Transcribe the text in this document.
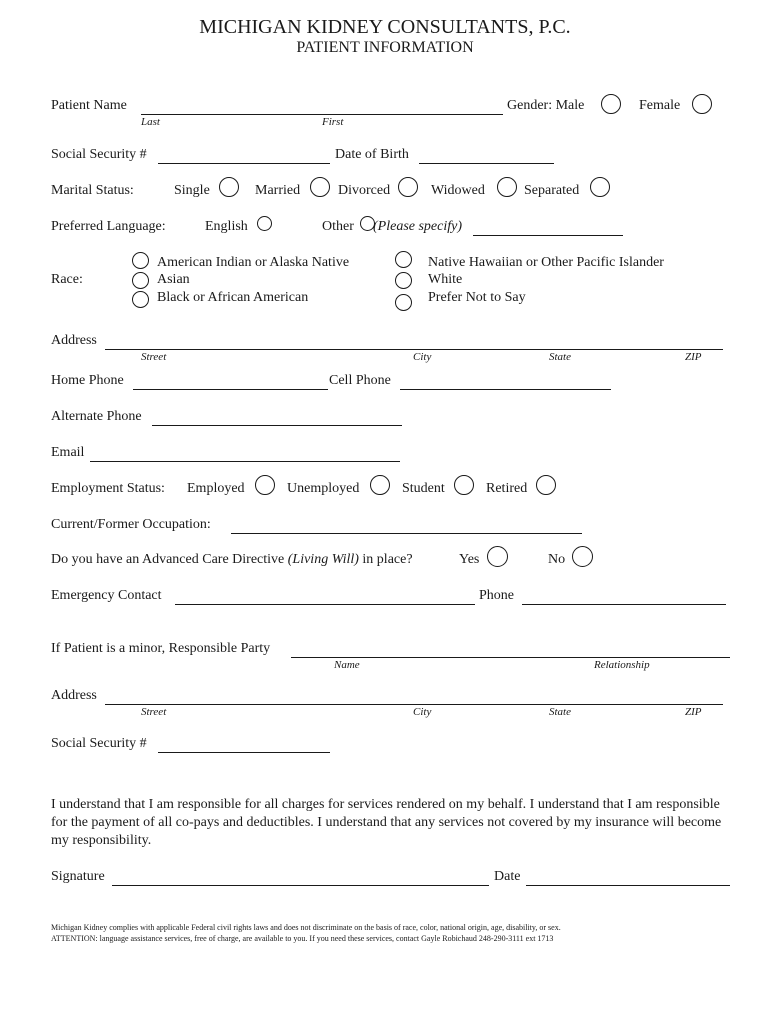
MICHIGAN KIDNEY CONSULTANTS, P.C.
PATIENT INFORMATION
Patient Name
Last	First
Gender: Male	Female
Social Security #	Date of Birth
Marital Status:	Single	Married	Divorced	Widowed	Separated
Preferred Language:	English	Other (Please specify)
Race:
American Indian or Alaska Native
Asian
Black or African American
Native Hawaiian or Other Pacific Islander
White
Prefer Not to Say
Address
Street	City	State	ZIP
Home Phone	Cell Phone
Alternate Phone
Email
Employment Status: Employed	Unemployed	Student	Retired
Current/Former Occupation:
Do you have an Advanced Care Directive (Living Will) in place?	Yes	No
Emergency Contact	Phone
If Patient is a minor, Responsible Party
Name	Relationship
Address
Street	City	State	ZIP
Social Security #
I understand that I am responsible for all charges for services rendered on my behalf. I understand that I am responsible for the payment of all co-pays and deductibles. I understand that any services not covered by my insurance will become my responsibility.
Signature	Date
Michigan Kidney complies with applicable Federal civil rights laws and does not discriminate on the basis of race, color, national origin, age, disability, or sex.
ATTENTION: language assistance services, free of charge, are available to you. If you need these services, contact Gayle Robichaud 248-290-3111 ext 1713
